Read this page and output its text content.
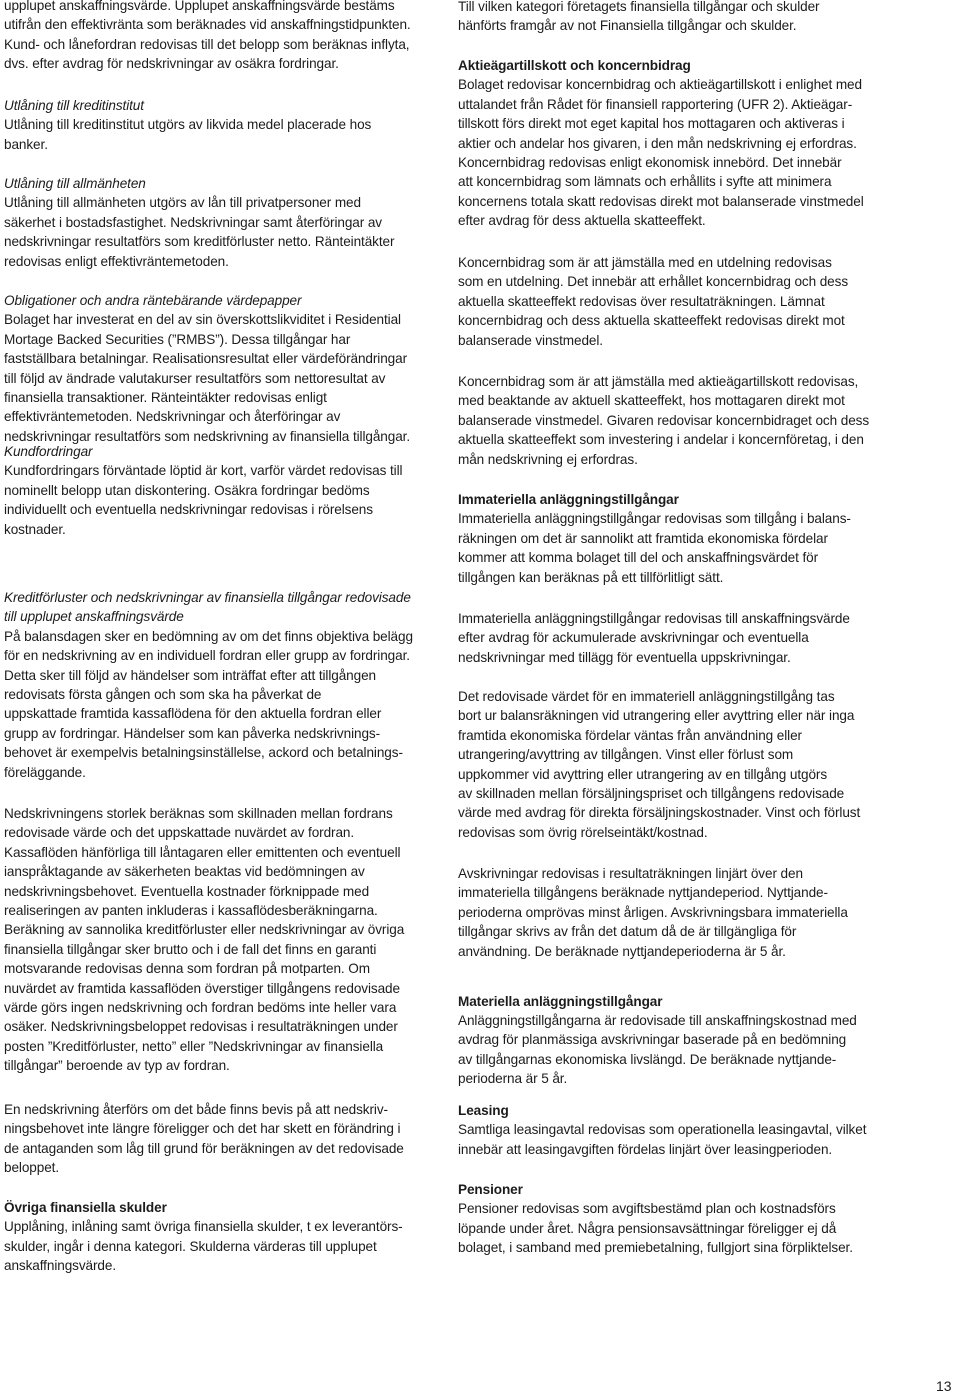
upplupet anskaffningsvärde. Upplupet anskaffningsvärde bestäms
utifrån den effektivränta som beräknades vid anskaffningstidpunkten.
Kund- och lånefordran redovisas till det belopp som beräknas inflyta,
dvs. efter avdrag för nedskrivningar av osäkra fordringar.
Utlåning till kreditinstitut
Utlåning till kreditinstitut utgörs av likvida medel placerade hos
banker.
Utlåning till allmänheten
Utlåning till allmänheten utgörs av lån till privatpersoner med
säkerhet i bostadsfastighet. Nedskrivningar samt återföringar av
nedskrivningar resultatförs som kreditförluster netto. Ränteintäkter
redovisas enligt effektivräntemetoden.
Obligationer och andra räntebärande värdepapper
Bolaget har investerat en del av sin överskottslikviditet i Residential
Mortage Backed Securities (”RMBS”). Dessa tillgångar har
fastställbara betalningar. Realisationsresultat eller värdeförändringar
till följd av ändrade valutakurser resultatförs som nettoresultat av
finansiella transaktioner. Ränteintäkter redovisas enligt
effektivräntemetoden. Nedskrivningar och återföringar av
nedskrivningar resultatförs som nedskrivning av finansiella tillgångar.
Kundfordringar
Kundfordringars förväntade löptid är kort, varför värdet redovisas till
nominellt belopp utan diskontering. Osäkra fordringar bedöms
individuellt och eventuella nedskrivningar redovisas i rörelsens
kostnader.
Kreditförluster och nedskrivningar av finansiella tillgångar redovisade
till upplupet anskaffningsvärde
På balansdagen sker en bedömning av om det finns objektiva belägg
för en nedskrivning av en individuell fordran eller grupp av fordringar.
Detta sker till följd av händelser som inträffat efter att tillgången
redovisats första gången och som ska ha påverkat de
uppskattade framtida kassaflödena för den aktuella fordran eller
grupp av fordringar. Händelser som kan påverka nedskrivnings-
behovet är exempelvis betalningsinställelse, ackord och betalnings-
föreläggande.
Nedskrivningens storlek beräknas som skillnaden mellan fordrans
redovisade värde och det uppskattade nuvärdet av fordran.
Kassaflöden hänförliga till låntagaren eller emittenten och eventuell
ianspråktagande av säkerheten beaktas vid bedömningen av
nedskrivningsbehovet. Eventuella kostnader förknippade med
realiseringen av panten inkluderas i kassaflödesberäkningarna.
Beräkning av sannolika kreditförluster eller nedskrivningar av övriga
finansiella tillgångar sker brutto och i de fall det finns en garanti
motsvarande redovisas denna som fordran på motparten. Om
nuvärdet av framtida kassaflöden överstiger tillgångens redovisade
värde görs ingen nedskrivning och fordran bedöms inte heller vara
osäker. Nedskrivningsbeloppet redovisas i resultaträkningen under
posten ”Kreditförluster, netto” eller ”Nedskrivningar av finansiella
tillgångar” beroende av typ av fordran.
En nedskrivning återförs om det både finns bevis på att nedskriv-
ningsbehovet inte längre föreligger och det har skett en förändring i
de antaganden som låg till grund för beräkningen av det redovisade
beloppet.
Övriga finansiella skulder
Upplåning, inlåning samt övriga finansiella skulder, t ex leverantörs-
skulder, ingår i denna kategori. Skulderna värderas till upplupet
anskaffningsvärde.
Till vilken kategori företagets finansiella tillgångar och skulder
hänförts framgår av not Finansiella tillgångar och skulder.
Aktieägartillskott och koncernbidrag
Bolaget redovisar koncernbidrag och aktieägartillskott i enlighet med
uttalandet från Rådet för finansiell rapportering (UFR 2). Aktieägar-
tillskott förs direkt mot eget kapital hos mottagaren och aktiveras i
aktier och andelar hos givaren, i den mån nedskrivning ej erfordras.
Koncernbidrag redovisas enligt ekonomisk innebörd. Det innebär
att koncernbidrag som lämnats och erhållits i syfte att minimera
koncernens totala skatt redovisas direkt mot balanserade vinstmedel
efter avdrag för dess aktuella skatteeffekt.
Koncernbidrag som är att jämställa med en utdelning redovisas
som en utdelning. Det innebär att erhållet koncernbidrag och dess
aktuella skatteeffekt redovisas över resultaträkningen. Lämnat
koncernbidrag och dess aktuella skatteeffekt redovisas direkt mot
balanserade vinstmedel.
Koncernbidrag som är att jämställa med aktieägartillskott redovisas,
med beaktande av aktuell skatteeffekt, hos mottagaren direkt mot
balanserade vinstmedel. Givaren redovisar koncernbidraget och dess
aktuella skatteeffekt som investering i andelar i koncernföretag, i den
mån nedskrivning ej erfordras.
Immateriella anläggningstillgångar
Immateriella anläggningstillgångar redovisas som tillgång i balans-
räkningen om det är sannolikt att framtida ekonomiska fördelar
kommer att komma bolaget till del och anskaffningsvärdet för
tillgången kan beräknas på ett tillförlitligt sätt.
Immateriella anläggningstillgångar redovisas till anskaffningsvärde
efter avdrag för ackumulerade avskrivningar och eventuella
nedskrivningar med tillägg för eventuella uppskrivningar.
Det redovisade värdet för en immateriell anläggningstillgång tas
bort ur balansräkningen vid utrangering eller avyttring eller när inga
framtida ekonomiska fördelar väntas från användning eller
utrangering/avyttring av tillgången. Vinst eller förlust som
uppkommer vid avyttring eller utrangering av en tillgång utgörs
av skillnaden mellan försäljningspriset och tillgångens redovisade
värde med avdrag för direkta försäljningskostnader. Vinst och förlust
redovisas som övrig rörelseintäkt/kostnad.
Avskrivningar redovisas i resultaträkningen linjärt över den
immateriella tillgångens beräknade nyttjandeperiod. Nyttjande-
perioderna omprövas minst årligen. Avskrivningsbara immateriella
tillgångar skrivs av från det datum då de är tillgängliga för
användning. De beräknade nyttjandeperioderna är 5 år.
Materiella anläggningstillgångar
Anläggningstillgångarna är redovisade till anskaffningskostnad med
avdrag för planmässiga avskrivningar baserade på en bedömning
av tillgångarnas ekonomiska livslängd. De beräknade nyttjande-
perioderna är 5 år.
Leasing
Samtliga leasingavtal redovisas som operationella leasingavtal, vilket
innebär att leasingavgiften fördelas linjärt över leasingperioden.
Pensioner
Pensioner redovisas som avgiftsbestämd plan och kostnadsförs
löpande under året. Några pensionsavsättningar föreligger ej då
bolaget, i samband med premiebetalning, fullgjort sina förpliktelser.
13
